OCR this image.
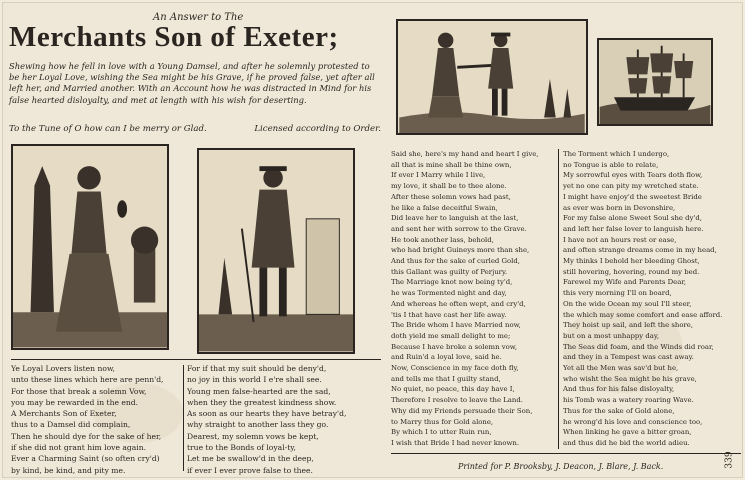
An Answer to The
Merchants Son of Exeter;
Shewing how he fell in love with a Young Damsel, and after he solemnly protested to be her Loyal Love, wishing the Sea might be his Grave, if he proved false, yet after all left her, and Married another. With an Account how he was distracted in Mind for his false hearted disloyalty, and met at length with his wish for deserting.
To the Tune of O how can I be merry or Glad.	Licensed according to Order.
Ye Loyal Lovers listen now,
unto these lines which here are penn'd,
For those that break a solemn Vow,
you may be rewarded in the end.
A Merchants Son of Exeter,
thus to a Damsel did complain,
Then he should dye for the sake of her,
if she did not grant him love again.
Ever a Charming Saint (so often cry'd)
by kind, be kind, and pity me.
For if that my suit should be deny'd,
no joy in this world I e're shall see.
Young men false-hearted are the sad,
when they the greatest kindness show.
As soon as our hearts they have betray'd,
why straight to another lass they go.
Dearest, my solemn vows be kept,
true to the Bonds of loyal-ty,
Let me be swallow'd in the deep,
if ever I ever prove false to thee.
Said she, here's my hand and heart I give,
all that is mine shall be thine own,
If ever I Marry while I live,
my love, it shall be to thee alone.
After these solemn vows had past,
he like a false deceitful Swain,
Did leave her to languish at the last,
and sent her with sorrow to the Grave.
He took another lass, behold,
who had bright Guineys more than she,
And thus for the sake of curled Gold,
this Gallant was guilty of Perjury.
The Marriage knot now being ty'd,
he was Tormented night and day,
And whereas he often wept, and cry'd,
'tis I that have cast her life away.
The Bride whom I have Married now,
doth yield me small delight to me;
Because I have broke a solemn vow,
and Ruin'd a loyal love, said he.
Now, Conscience in my face doth fly,
and tells me that I guilty stand,
No quiet, no peace, this day have I,
Therefore I resolve to leave the Land.
Why did my Friends persuade their Son,
to Marry thus for Gold alone,
By which I to utter Ruin run,
I wish that Bride I had never known.
The Torment which I undergo,
no Tongue is able to relate,
My sorrowful eyes with Tears doth flow,
yet no one can pity my wretched state.
I might have enjoy'd the sweetest Bride
as ever was born in Devonshire,
For my false alone Sweet Soul she dy'd,
and left her false lover to languish here.
I have not an hours rest or ease,
and often strange dreams come in my head,
My thinks I behold her bleeding Ghost,
still hovering, hovering, round my bed.
Farewel my Wife and Parents Dear,
this very morning I'll on board,
On the wide Ocean my soul I'll steer,
the which may some comfort and ease afford.
They hoist up sail, and left the shore,
but on a most unhappy day,
The Seas did foam, and the Winds did roar,
and they in a Tempest was cast away.
Yet all the Men was sav'd but he,
who wisht the Sea might be his grave,
And thus for his false disloyalty,
his Tomb was a watery roaring Wave.
Thus for the sake of Gold alone,
he wrong'd his love and conscience too,
When linking he gave a bitter groan,
and thus did he bid the world adieu.
Printed for P. Brooksby, J. Deacon, J. Blare, J. Back.	339
